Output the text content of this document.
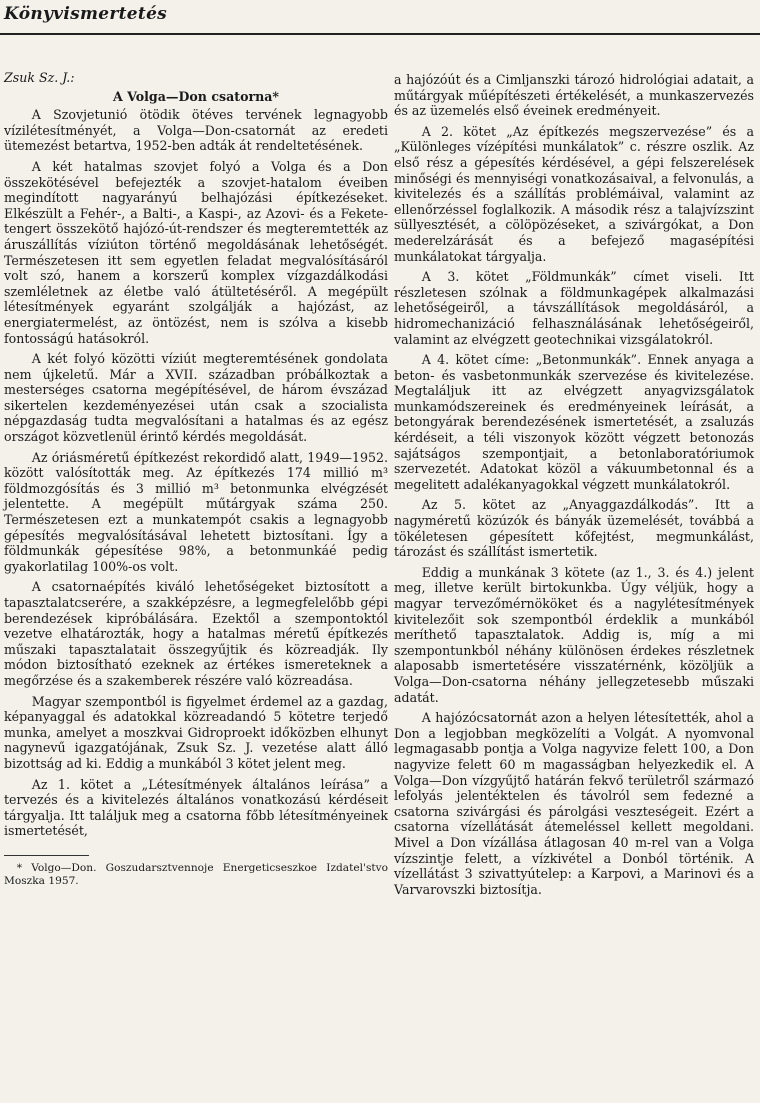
Könyvismertetés

Zsuk Sz. J.:

A Volga—Don csatorna*

A Szovjetunió ötödik ötéves tervének legnagyobb vízilétesítményét, a Volga—Don-csatornát az eredeti ütemezést betartva, 1952-ben adták át rendeltetésének.

A két hatalmas szovjet folyó a Volga és a Don összekötésével befejezték a szovjet-hatalom éveiben megindított nagyarányú belhajózási építkezéseket. Elkészült a Fehér-, a Balti-, a Kaspi-, az Azovi- és a Fekete-tengert összekötő hajózó-út-rendszer és megteremtették az áruszállítás víziúton történő megoldásának lehetőségét. Természetesen itt sem egyetlen feladat megvalósításáról volt szó, hanem a korszerű komplex vízgazdálkodási szemléletnek az életbe való átültetéséről. A megépült létesítmények egyaránt szolgálják a hajózást, az energiatermelést, az öntözést, nem is szólva a kisebb fontosságú hatásokról.

A két folyó közötti víziút megteremtésének gondolata nem újkeletű. Már a XVII. században próbálkoztak a mesterséges csatorna megépítésével, de három évszázad sikertelen kezdeményezései után csak a szocialista népgazdaság tudta megvalósítani a hatalmas és az egész országot közvetlenül érintő kérdés megoldását.

Az óriásméretű építkezést rekordidő alatt, 1949—1952. között valósították meg. Az építkezés 174 millió m³ földmozgósítás és 3 millió m³ betonmunka elvégzését jelentette. A megépült műtárgyak száma 250. Természetesen ezt a munkatempót csakis a legnagyobb gépesítés megvalósításával lehetett biztosítani. Így a földmunkák gépesítése 98%, a betonmunkáé pedig gyakorlatilag 100%-os volt.

A csatornaépítés kiváló lehetőségeket biztosított a tapasztalatcserére, a szakképzésre, a legmegfelelőbb gépi berendezések kipróbálására. Ezektől a szempontoktól vezetve elhatározták, hogy a hatalmas méretű építkezés műszaki tapasztalatait összegyűjtik és közreadják. Ily módon biztosítható ezeknek az értékes ismereteknek a megőrzése és a szakemberek részére való közreadása.

Magyar szempontból is figyelmet érdemel az a gazdag, képanyaggal és adatokkal közreadandó 5 kötetre terjedő munka, amelyet a moszkvai Gidroproekt időközben elhunyt nagynevű igazgatójának, Zsuk Sz. J. vezetése alatt álló bizottság ad ki. Eddig a munkából 3 kötet jelent meg.

Az 1. kötet a „Létesítmények általános leírása” a tervezés és a kivitelezés általános vonatkozású kérdéseit tárgyalja. Itt találjuk meg a csatorna főbb létesítményeinek ismertetését,

* Volgo—Don. Goszudarsztvennoje Energeticseszkoe Izdatel'stvo Moszka 1957.

a hajózóút és a Cimljanszki tározó hidrológiai adatait, a műtárgyak műépítészeti értékelését, a munkaszervezés és az üzemelés első éveinek eredményeit.

A 2. kötet „Az építkezés megszervezése” és a „Különleges vízépítési munkálatok” c. részre oszlik. Az első rész a gépesítés kérdésével, a gépi felszerelések minőségi és mennyiségi vonatkozásaival, a felvonulás, a kivitelezés és a szállítás problémáival, valamint az ellenőrzéssel foglalkozik. A második rész a talajvízszint süllyesztését, a cölöpözéseket, a szivárgókat, a Don mederelzárását és a befejező magasépítési munkálatokat tárgyalja.

A 3. kötet „Földmunkák” címet viseli. Itt részletesen szólnak a földmunkagépek alkalmazási lehetőségeiről, a távszállítások megoldásáról, a hidromechanizáció felhasználásának lehetőségeiről, valamint az elvégzett geotechnikai vizsgálatokról.

A 4. kötet címe: „Betonmunkák”. Ennek anyaga a beton- és vasbetonmunkák szervezése és kivitelezése. Megtaláljuk itt az elvégzett anyagvizsgálatok munkamódszereinek és eredményeinek leírását, a betongyárak berendezésének ismertetését, a zsaluzás kérdéseit, a téli viszonyok között végzett betonozás sajátságos szempontjait, a betonlaboratóriumok szervezetét. Adatokat közöl a vákuumbetonnal és a megelitett adalékanyagokkal végzett munkálatokról.

Az 5. kötet az „Anyaggazdálkodás”. Itt a nagyméretű közúzók és bányák üzemelését, továbbá a tökéletesen gépesített kőfejtést, megmunkálást, tározást és szállítást ismertetik.

Eddig a munkának 3 kötete (az 1., 3. és 4.) jelent meg, illetve került birtokunkba. Úgy véljük, hogy a magyar tervezőmérnököket és a nagylétesítmények kivitelezőit sok szempontból érdeklik a munkából meríthető tapasztalatok. Addig is, míg a mi szempontunkból néhány különösen érdekes részletnek alaposabb ismertetésére visszatérnénk, közöljük a Volga—Don-csatorna néhány jellegzetesebb műszaki adatát.

A hajózócsatornát azon a helyen létesítették, ahol a Don a legjobban megközelíti a Volgát. A nyomvonal legmagasabb pontja a Volga nagyvize felett 100, a Don nagyvize felett 60 m magasságban helyezkedik el. A Volga—Don vízgyűjtő határán fekvő területről származó lefolyás jelentéktelen és távolról sem fedezné a csatorna szivárgási és párolgási veszteségeit. Ezért a csatorna vízellátását átemeléssel kellett megoldani. Mivel a Don vízállása átlagosan 40 m-rel van a Volga vízszintje felett, a vízkivétel a Donból történik. A vízellátást 3 szivattyútelep: a Karpovi, a Marinovi és a Varvarovszki biztosítja.
